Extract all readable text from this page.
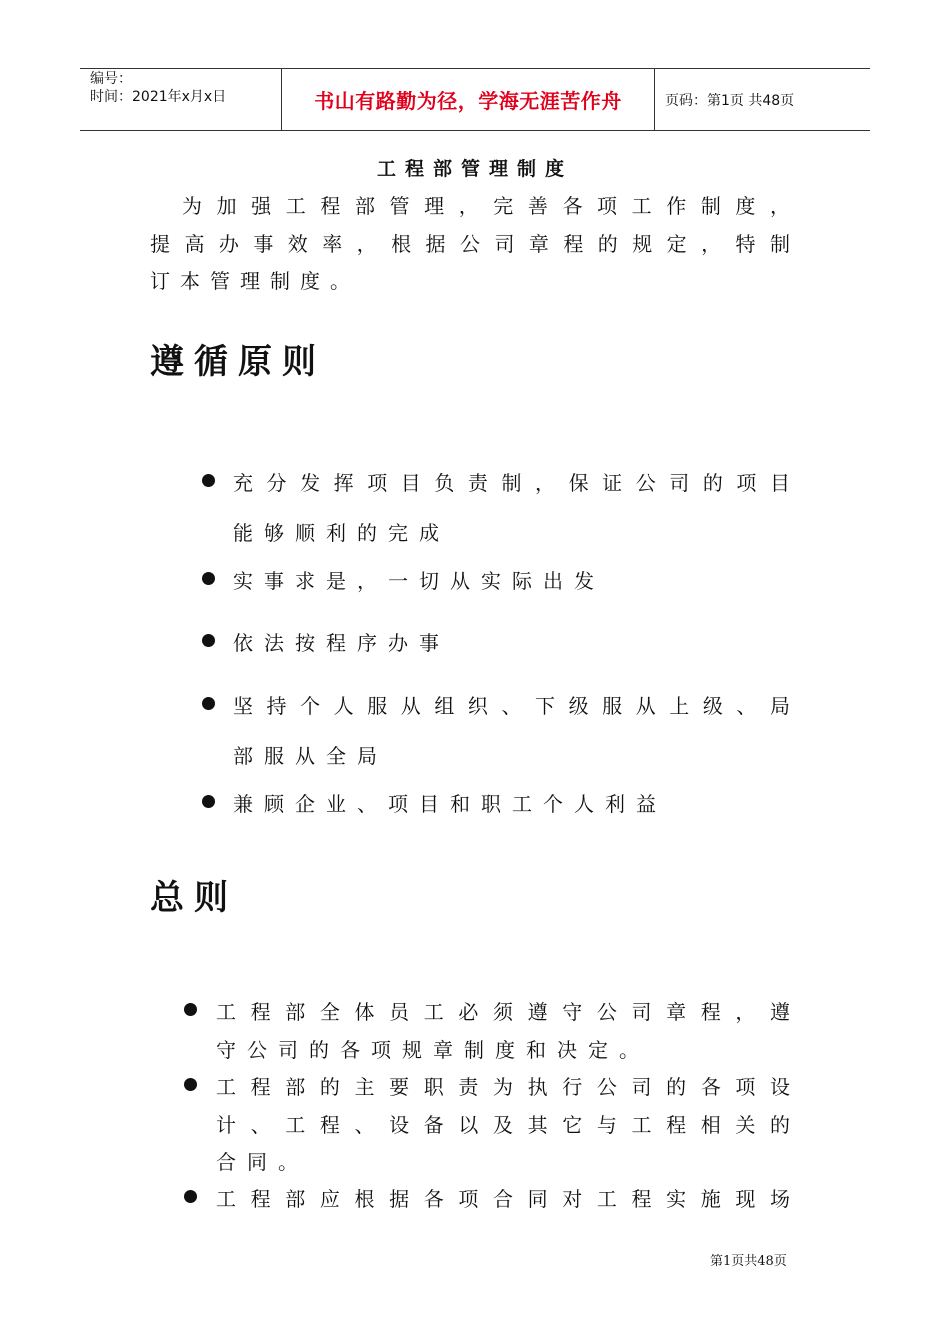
编号：
时间：2021年x月x日	书山有路勤为径，学海无涯苦作舟	页码：第1页 共48页
工程部管理制度
为加强工程部管理，完善各项工作制度，
提高办事效率，根据公司章程的规定，特制
订本管理制度。
遵循原则
充分发挥项目负责制，保证公司的项目
能够顺利的完成
实事求是，一切从实际出发
依法按程序办事
坚持个人服从组织、下级服从上级、局
部服从全局
兼顾企业、项目和职工个人利益
总则
工程部全体员工必须遵守公司章程，遵
守公司的各项规章制度和决定。
工程部的主要职责为执行公司的各项设
计、工程、设备以及其它与工程相关的
合同。
工程部应根据各项合同对工程实施现场
第1页共48页
